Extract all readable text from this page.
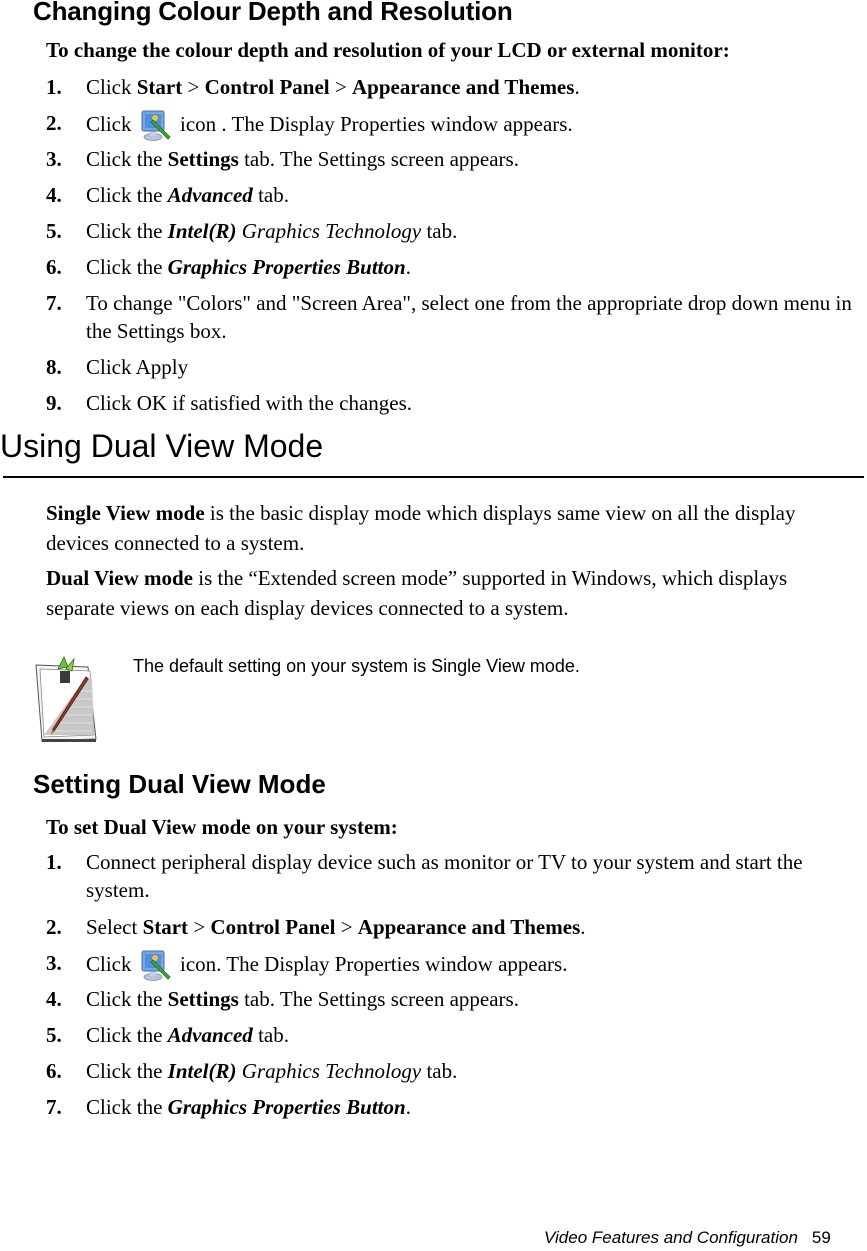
Changing Colour Depth and Resolution
To change the colour depth and resolution of your LCD or external monitor:
1. Click Start > Control Panel > Appearance and Themes.
2. Click  icon . The Display Properties window appears.
3. Click the Settings tab. The Settings screen appears.
4. Click the Advanced tab.
5. Click the Intel(R) Graphics Technology tab.
6. Click the Graphics Properties Button.
7. To change "Colors" and "Screen Area", select one from the appropriate drop down menu in the Settings box.
8. Click Apply
9. Click OK if satisfied with the changes.
Using Dual View Mode
Single View mode is the basic display mode which displays same view on all the display devices connected to a system.
Dual View mode is the “Extended screen mode” supported in Windows, which displays separate views on each display devices connected to a system.
The default setting on your system is Single View mode.
Setting Dual View Mode
To set Dual View mode on your system:
1. Connect peripheral display device such as monitor or TV to your system and start the system.
2. Select Start > Control Panel > Appearance and Themes.
3. Click  icon. The Display Properties window appears.
4. Click the Settings tab. The Settings screen appears.
5. Click the Advanced tab.
6. Click the Intel(R) Graphics Technology tab.
7. Click the Graphics Properties Button.
Video Features and Configuration 59
